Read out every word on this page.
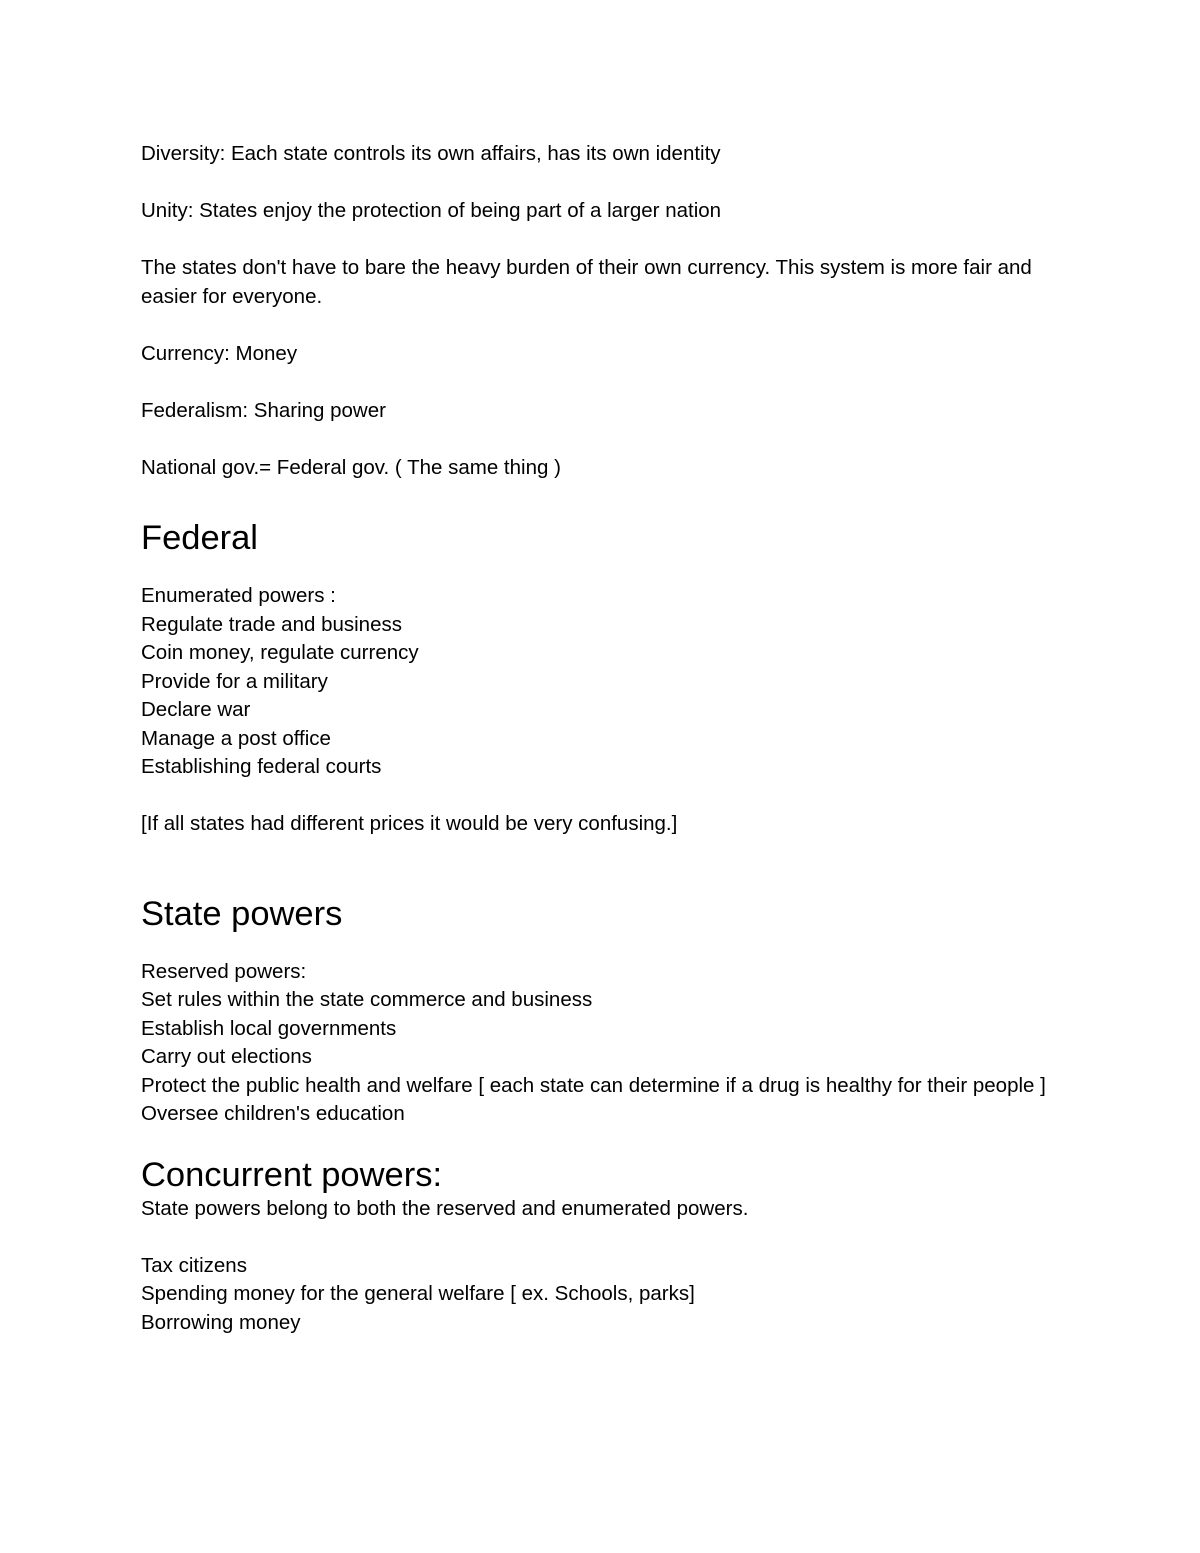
Diversity: Each state controls its own affairs, has its own identity

Unity: States enjoy the protection of being part of a larger nation

The states don't have to bare the heavy burden of their own currency. This system is more fair and easier for everyone.

Currency: Money

Federalism: Sharing power

National gov.= Federal gov. ( The same thing )

Federal

Enumerated powers :

Regulate trade and business

Coin money, regulate currency

Provide for a military

Declare war

Manage a post office

Establishing federal courts

[If all states had different prices it would be very confusing.]

State powers

Reserved powers:

Set rules within the state commerce and business

Establish local governments

Carry out elections

Protect the public health and welfare [ each state can determine if a drug is healthy for their people ]

Oversee children's education

Concurrent powers:

State powers belong to both the reserved and enumerated powers.

Tax citizens

Spending money for the general welfare [ ex. Schools, parks]

Borrowing money
